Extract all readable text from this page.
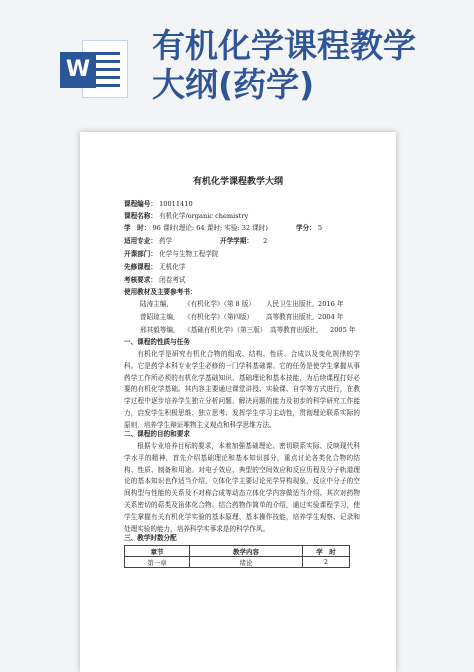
W
有机化学课程教学
大纲(药学)
有机化学课程教学大纲
课程编号： 10011410
课程名称： 有机化学/organic chemistry
学　时： 96 课时(理论: 64 课时; 实验: 32 课时)	学分： 5
适用专业： 药学	开学学期： 2
开课部门： 化学与生物工程学院
先修课程： 无机化学
考核要求： 闭卷考试
使用教材及主要参考书：
陆涛主编, 《有机化学》（第 8 版） 人民卫生出版社, 2016 年
曾昭琼主编, 《有机化学》（第四版） 高等教育出版社, 2004 年
邢其毅等编, 《基础有机化学》（第三版） 高等教育出版社, 2005 年
一、课程的性质与任务
有机化学是研究有机化合物的组成、结构、性质、合成以及变化规律的学科。它是药学本科专业学生必修的一门学科基础课。它的任务是使学生掌握从事药学工作所必须的有机化学基础知识、基础理论和基本技能，为后续课程打好必要的有机化学基础。其内容主要通过课堂讲授、实验课、自学等方式进行，在教学过程中逐步培养学生独立分析问题、解决问题的能力及初步的科学研究工作能力，启发学生积极思维、独立思考、发挥学生学习主动性，贯彻理论联系实际的原则，培养学生辩证唯物主义观点和科学思维方法。
二、课程的目的和要求
根据专业培养目标的要求，本着加强基础理论、密切联系实际、反映现代科学水平的精神，首先介绍基础理论和基本知识部分，重点讨论各类化合物的结构、性质、制备和用途。对电子效应、典型的空间效应和反应历程及分子轨道理论的基本知识也作适当介绍，立体化学主要讨论光学异构现象，反应中分子的空间构型与性能的关系及不对称合成等动态立体化学内容做适当介绍。其次对药物关系密切的萜类及甾体化合物、结合药物作简单的介绍，通过实验课程学习，使学生掌握有关有机化学实验的基本原理、基本操作技能，培养学生观察、记录和处理实验的能力，培养科学实事求是的科学作风。
三、教学时数分配
章节	教学内容	学　时
第一章	绪论	2
